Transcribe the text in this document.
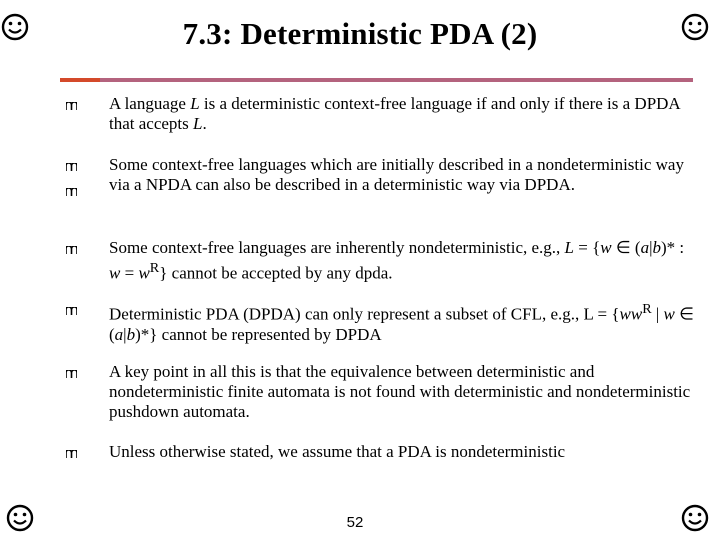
7.3: Deterministic PDA (2)
A language L is a deterministic context-free language if and only if there is a DPDA that accepts L.
Some context-free languages which are initially described in a nondeterministic way via a NPDA can also be described in a deterministic way via DPDA.
Some context-free languages are inherently nondeterministic, e.g., L = {w ∈ (a|b)* : $w = w^R$} cannot be accepted by any dpda.
Deterministic PDA (DPDA) can only represent a subset of CFL, e.g., $L = \{ww^R$ | w ∈ (a|b)*} cannot be represented by DPDA
A key point in all this is that the equivalence between deterministic and nondeterministic finite automata is not found with deterministic and nondeterministic pushdown automata.
Unless otherwise stated, we assume that a PDA is nondeterministic
52
